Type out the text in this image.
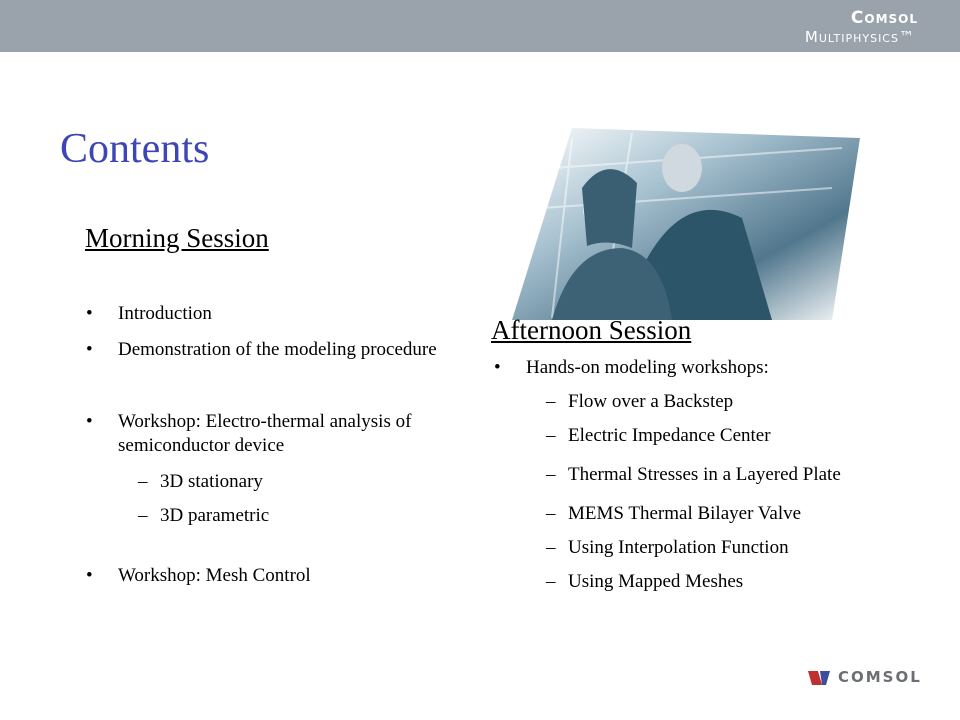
Comsol
Multiphysics™
Contents
Morning Session
• Introduction
• Demonstration of the modeling procedure
• Workshop: Electro-thermal analysis of semiconductor device
– 3D stationary
– 3D parametric
• Workshop: Mesh Control
Afternoon Session
• Hands-on modeling workshops:
– Flow over a Backstep
– Electric Impedance Center
– Thermal Stresses in a Layered Plate
– MEMS Thermal Bilayer Valve
– Using Interpolation Function
– Using Mapped Meshes
COMSOL
